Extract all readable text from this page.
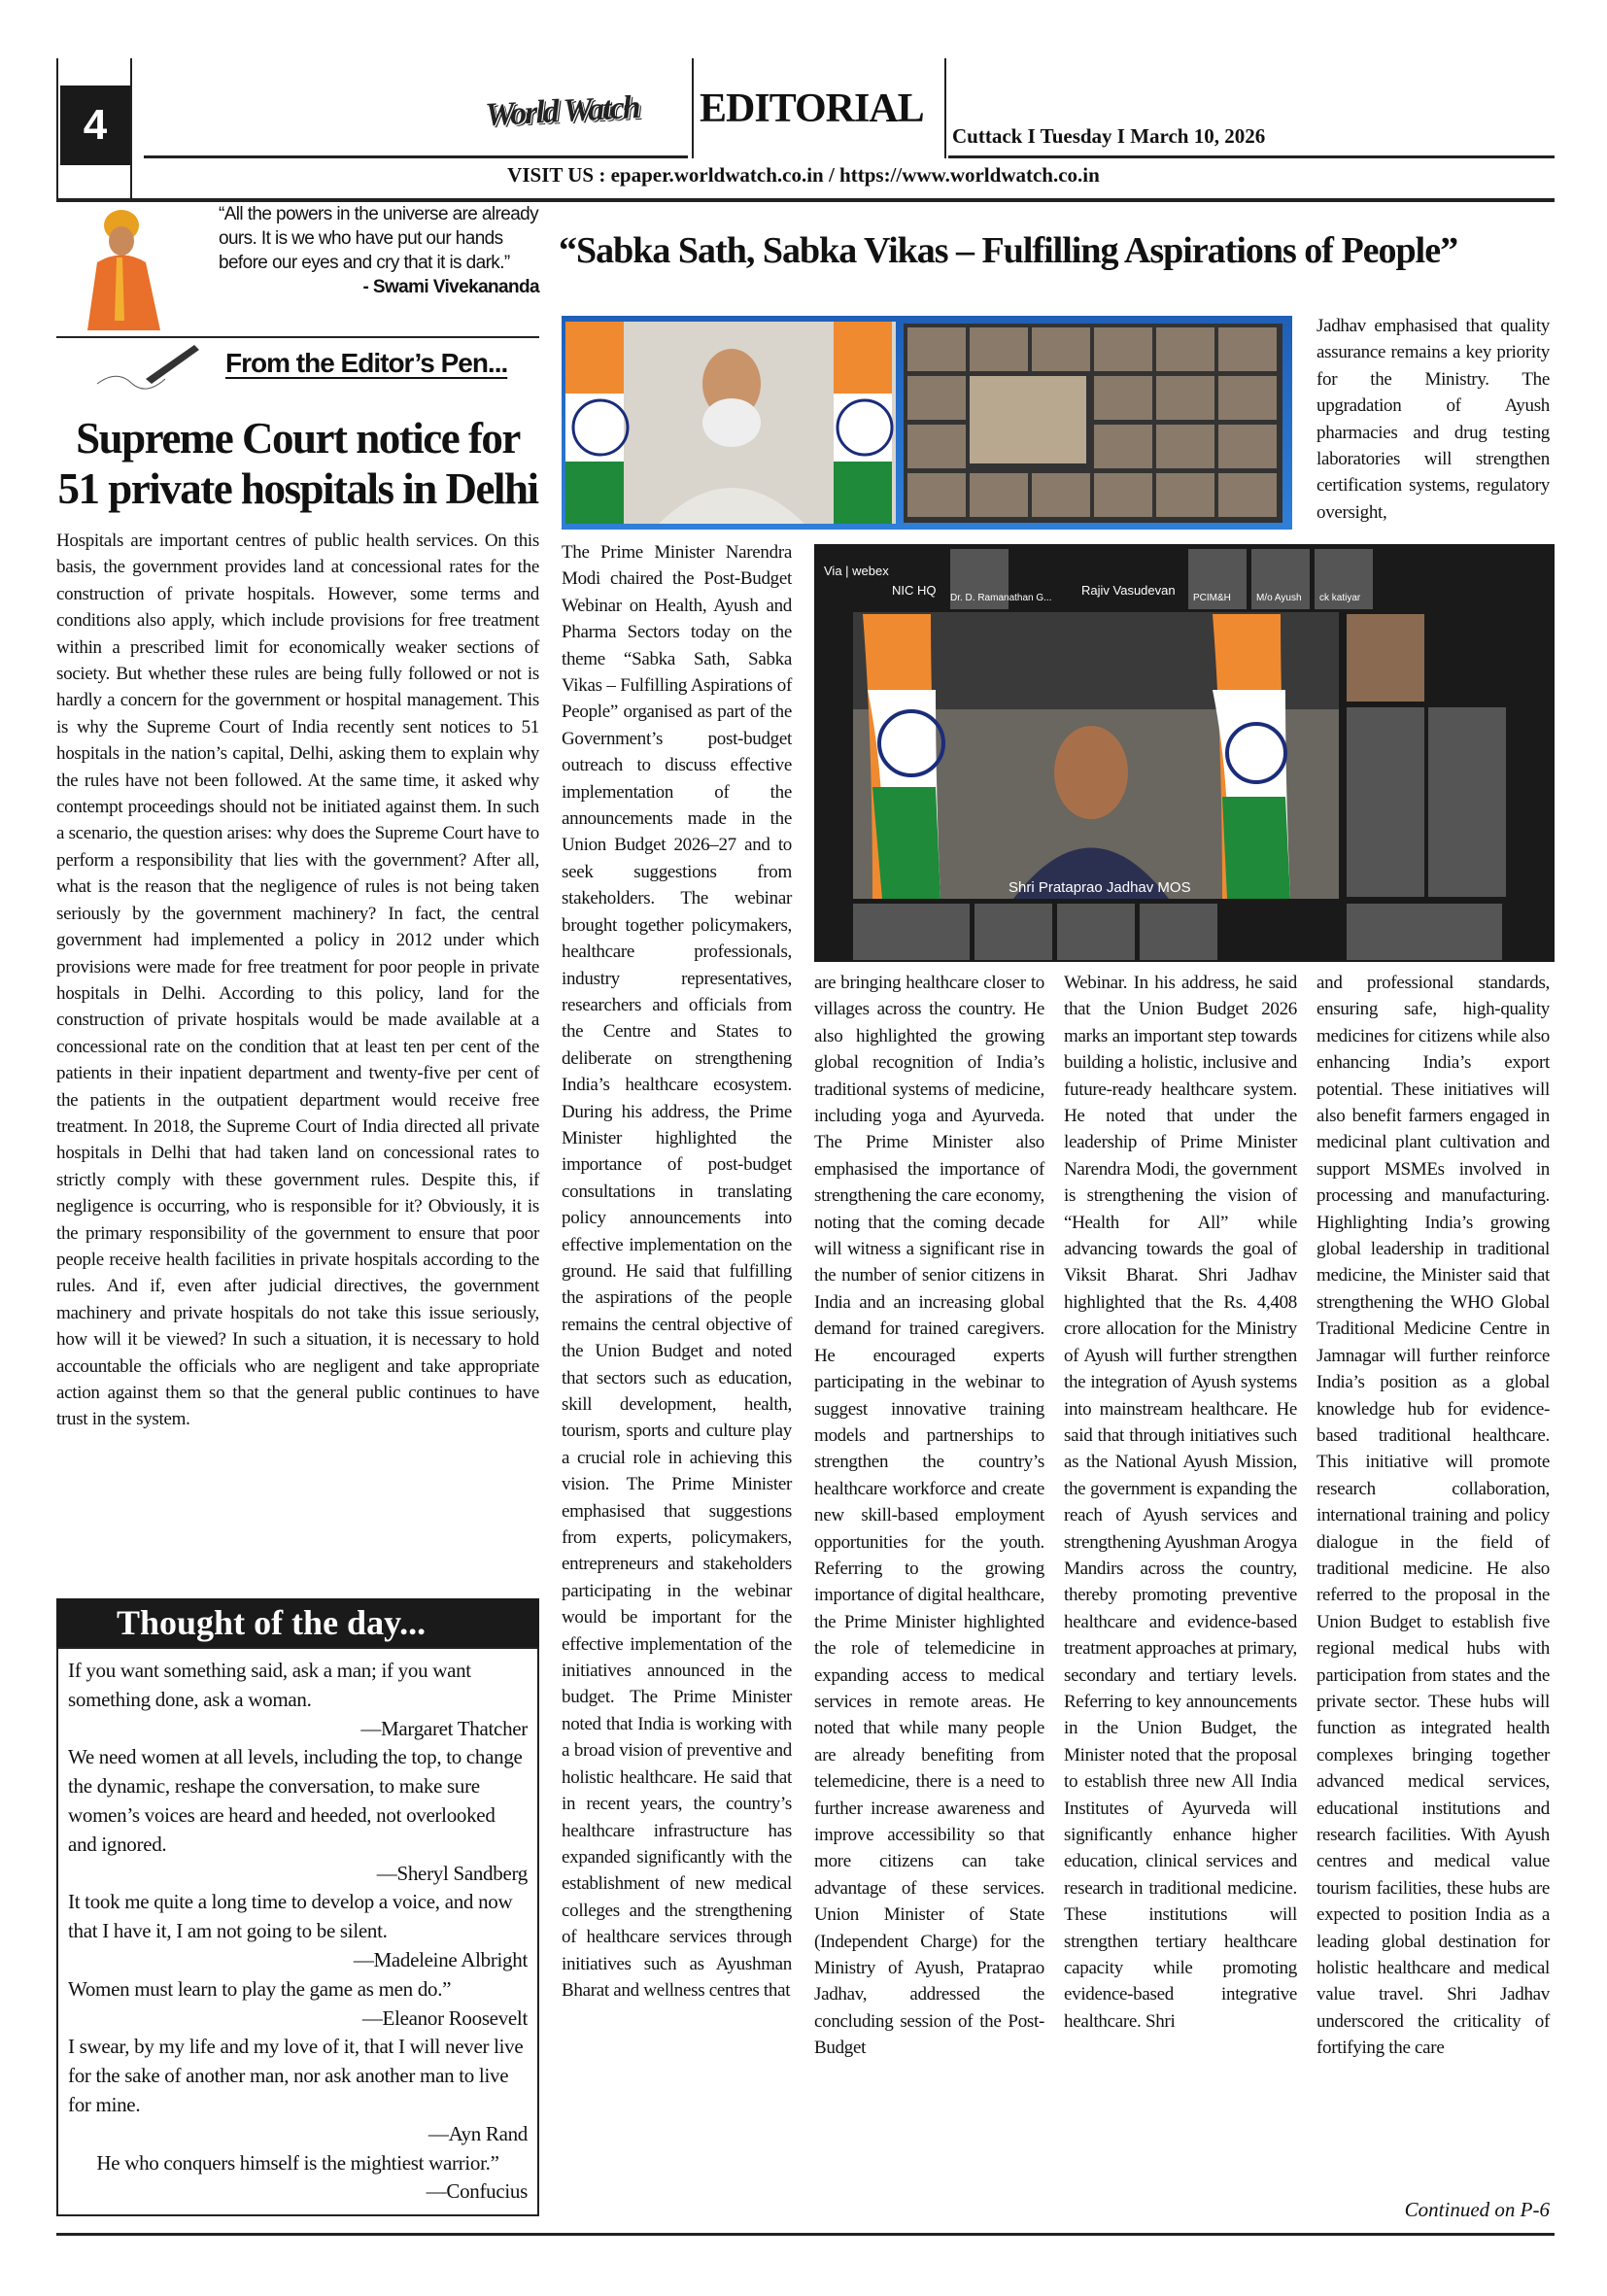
4	World Watch	EDITORIAL
Cuttack I Tuesday I March 10, 2026
VISIT US : epaper.worldwatch.co.in / https://www.worldwatch.co.in
“All the powers in the universe are already ours. It is we who have put our hands before our eyes and cry that it is dark.”
- Swami Vivekananda
From the Editor’s Pen...
Supreme Court notice for 51 private hospitals in Delhi
Hospitals are important centres of public health services. On this basis, the government provides land at concessional rates for the construction of private hospitals. However, some terms and conditions also apply, which include provisions for free treatment within a prescribed limit for economically weaker sections of society. But whether these rules are being fully followed or not is hardly a concern for the government or hospital management. This is why the Supreme Court of India recently sent notices to 51 hospitals in the nation’s capital, Delhi, asking them to explain why the rules have not been followed. At the same time, it asked why contempt proceedings should not be initiated against them. In such a scenario, the question arises: why does the Supreme Court have to perform a responsibility that lies with the government? After all, what is the reason that the negligence of rules is not being taken seriously by the government machinery? In fact, the central government had implemented a policy in 2012 under which provisions were made for free treatment for poor people in private hospitals in Delhi. According to this policy, land for the construction of private hospitals would be made available at a concessional rate on the condition that at least ten per cent of the patients in their inpatient department and twenty-five per cent of the patients in the outpatient department would receive free treatment. In 2018, the Supreme Court of India directed all private hospitals in Delhi that had taken land on concessional rates to strictly comply with these government rules. Despite this, if negligence is occurring, who is responsible for it? Obviously, it is the primary responsibility of the government to ensure that poor people receive health facilities in private hospitals according to the rules. And if, even after judicial directives, the government machinery and private hospitals do not take this issue seriously, how will it be viewed? In such a situation, it is necessary to hold accountable the officials who are negligent and take appropriate action against them so that the general public continues to have trust in the system.
Thought of the day...
If you want something said, ask a man; if you want something done, ask a woman.
—Margaret Thatcher
We need women at all levels, including the top, to change the dynamic, reshape the conversation, to make sure women’s voices are heard and heeded, not overlooked and ignored.
—Sheryl Sandberg
It took me quite a long time to develop a voice, and now that I have it, I am not going to be silent.
—Madeleine Albright
Women must learn to play the game as men do.”
—Eleanor Roosevelt
I swear, by my life and my love of it, that I will never live for the sake of another man, nor ask another man to live for mine.
—Ayn Rand
He who conquers himself is the mightiest warrior.”
—Confucius
“Sabka Sath, Sabka Vikas – Fulfilling Aspirations of People”
Via | webex
NIC HQ
Dr. D. Ramanathan G...
Rajiv Vasudevan
PCIM&H	M/o Ayush ck katiyar
Shri Prataprao Jadhav MOS
The Prime Minister Narendra Modi chaired the Post-Budget Webinar on Health, Ayush and Pharma Sectors today on the theme “Sabka Sath, Sabka Vikas – Fulfilling Aspirations of People” organised as part of the Government’s post-budget outreach to discuss effective implementation of the announcements made in the Union Budget 2026–27 and to seek suggestions from stakeholders. The webinar brought together policymakers, healthcare professionals, industry representatives, researchers and officials from the Centre and States to deliberate on strengthening India’s healthcare ecosystem. During his address, the Prime Minister highlighted the importance of post-budget consultations in translating policy announcements into effective implementation on the ground. He said that fulfilling the aspirations of the people remains the central objective of the Union Budget and noted that sectors such as education, skill development, health, tourism, sports and culture play a crucial role in achieving this vision. The Prime Minister emphasised that suggestions from experts, policymakers, entrepreneurs and stakeholders participating in the webinar would be important for the effective implementation of the initiatives announced in the budget. The Prime Minister noted that India is working with a broad vision of preventive and holistic healthcare. He said that in recent years, the country’s healthcare infrastructure has expanded significantly with the establishment of new medical colleges and the strengthening of healthcare services through initiatives such as Ayushman Bharat and wellness centres that
are bringing healthcare closer to villages across the country. He also highlighted the growing global recognition of India’s traditional systems of medicine, including yoga and Ayurveda. The Prime Minister also emphasised the importance of strengthening the care economy, noting that the coming decade will witness a significant rise in the number of senior citizens in India and an increasing global demand for trained caregivers. He encouraged experts participating in the webinar to suggest innovative training models and partnerships to strengthen the country’s healthcare workforce and create new skill-based employment opportunities for the youth. Referring to the growing importance of digital healthcare, the Prime Minister highlighted the role of telemedicine in expanding access to medical services in remote areas. He noted that while many people are already benefiting from telemedicine, there is a need to further increase awareness and improve accessibility so that more citizens can take advantage of these services. Union Minister of State (Independent Charge) for the Ministry of Ayush, Prataprao Jadhav, addressed the concluding session of the Post-Budget
Webinar. In his address, he said that the Union Budget 2026 marks an important step towards building a holistic, inclusive and future-ready healthcare system. He noted that under the leadership of Prime Minister Narendra Modi, the government is strengthening the vision of “Health for All” while advancing towards the goal of Viksit Bharat. Shri Jadhav highlighted that the Rs. 4,408 crore allocation for the Ministry of Ayush will further strengthen the integration of Ayush systems into mainstream healthcare. He said that through initiatives such as the National Ayush Mission, the government is expanding the reach of Ayush services and strengthening Ayushman Arogya Mandirs across the country, thereby promoting preventive healthcare and evidence-based treatment approaches at primary, secondary and tertiary levels. Referring to key announcements in the Union Budget, the Minister noted that the proposal to establish three new All India Institutes of Ayurveda will significantly enhance higher education, clinical services and research in traditional medicine. These institutions will strengthen tertiary healthcare capacity while promoting evidence-based integrative healthcare. Shri
Jadhav emphasised that quality assurance remains a key priority for the Ministry. The upgradation of Ayush pharmacies and drug testing laboratories will strengthen certification systems, regulatory oversight,
and professional standards, ensuring safe, high-quality medicines for citizens while also enhancing India’s export potential. These initiatives will also benefit farmers engaged in medicinal plant cultivation and support MSMEs involved in processing and manufacturing. Highlighting India’s growing global leadership in traditional medicine, the Minister said that strengthening the WHO Global Traditional Medicine Centre in Jamnagar will further reinforce India’s position as a global knowledge hub for evidence-based traditional healthcare. This initiative will promote research collaboration, international training and policy dialogue in the field of traditional medicine. He also referred to the proposal in the Union Budget to establish five regional medical hubs with participation from states and the private sector. These hubs will function as integrated health complexes bringing together advanced medical services, educational institutions and research facilities. With Ayush centres and medical value tourism facilities, these hubs are expected to position India as a leading global destination for holistic healthcare and medical value travel. Shri Jadhav underscored the criticality of fortifying the care
Continued on P-6
